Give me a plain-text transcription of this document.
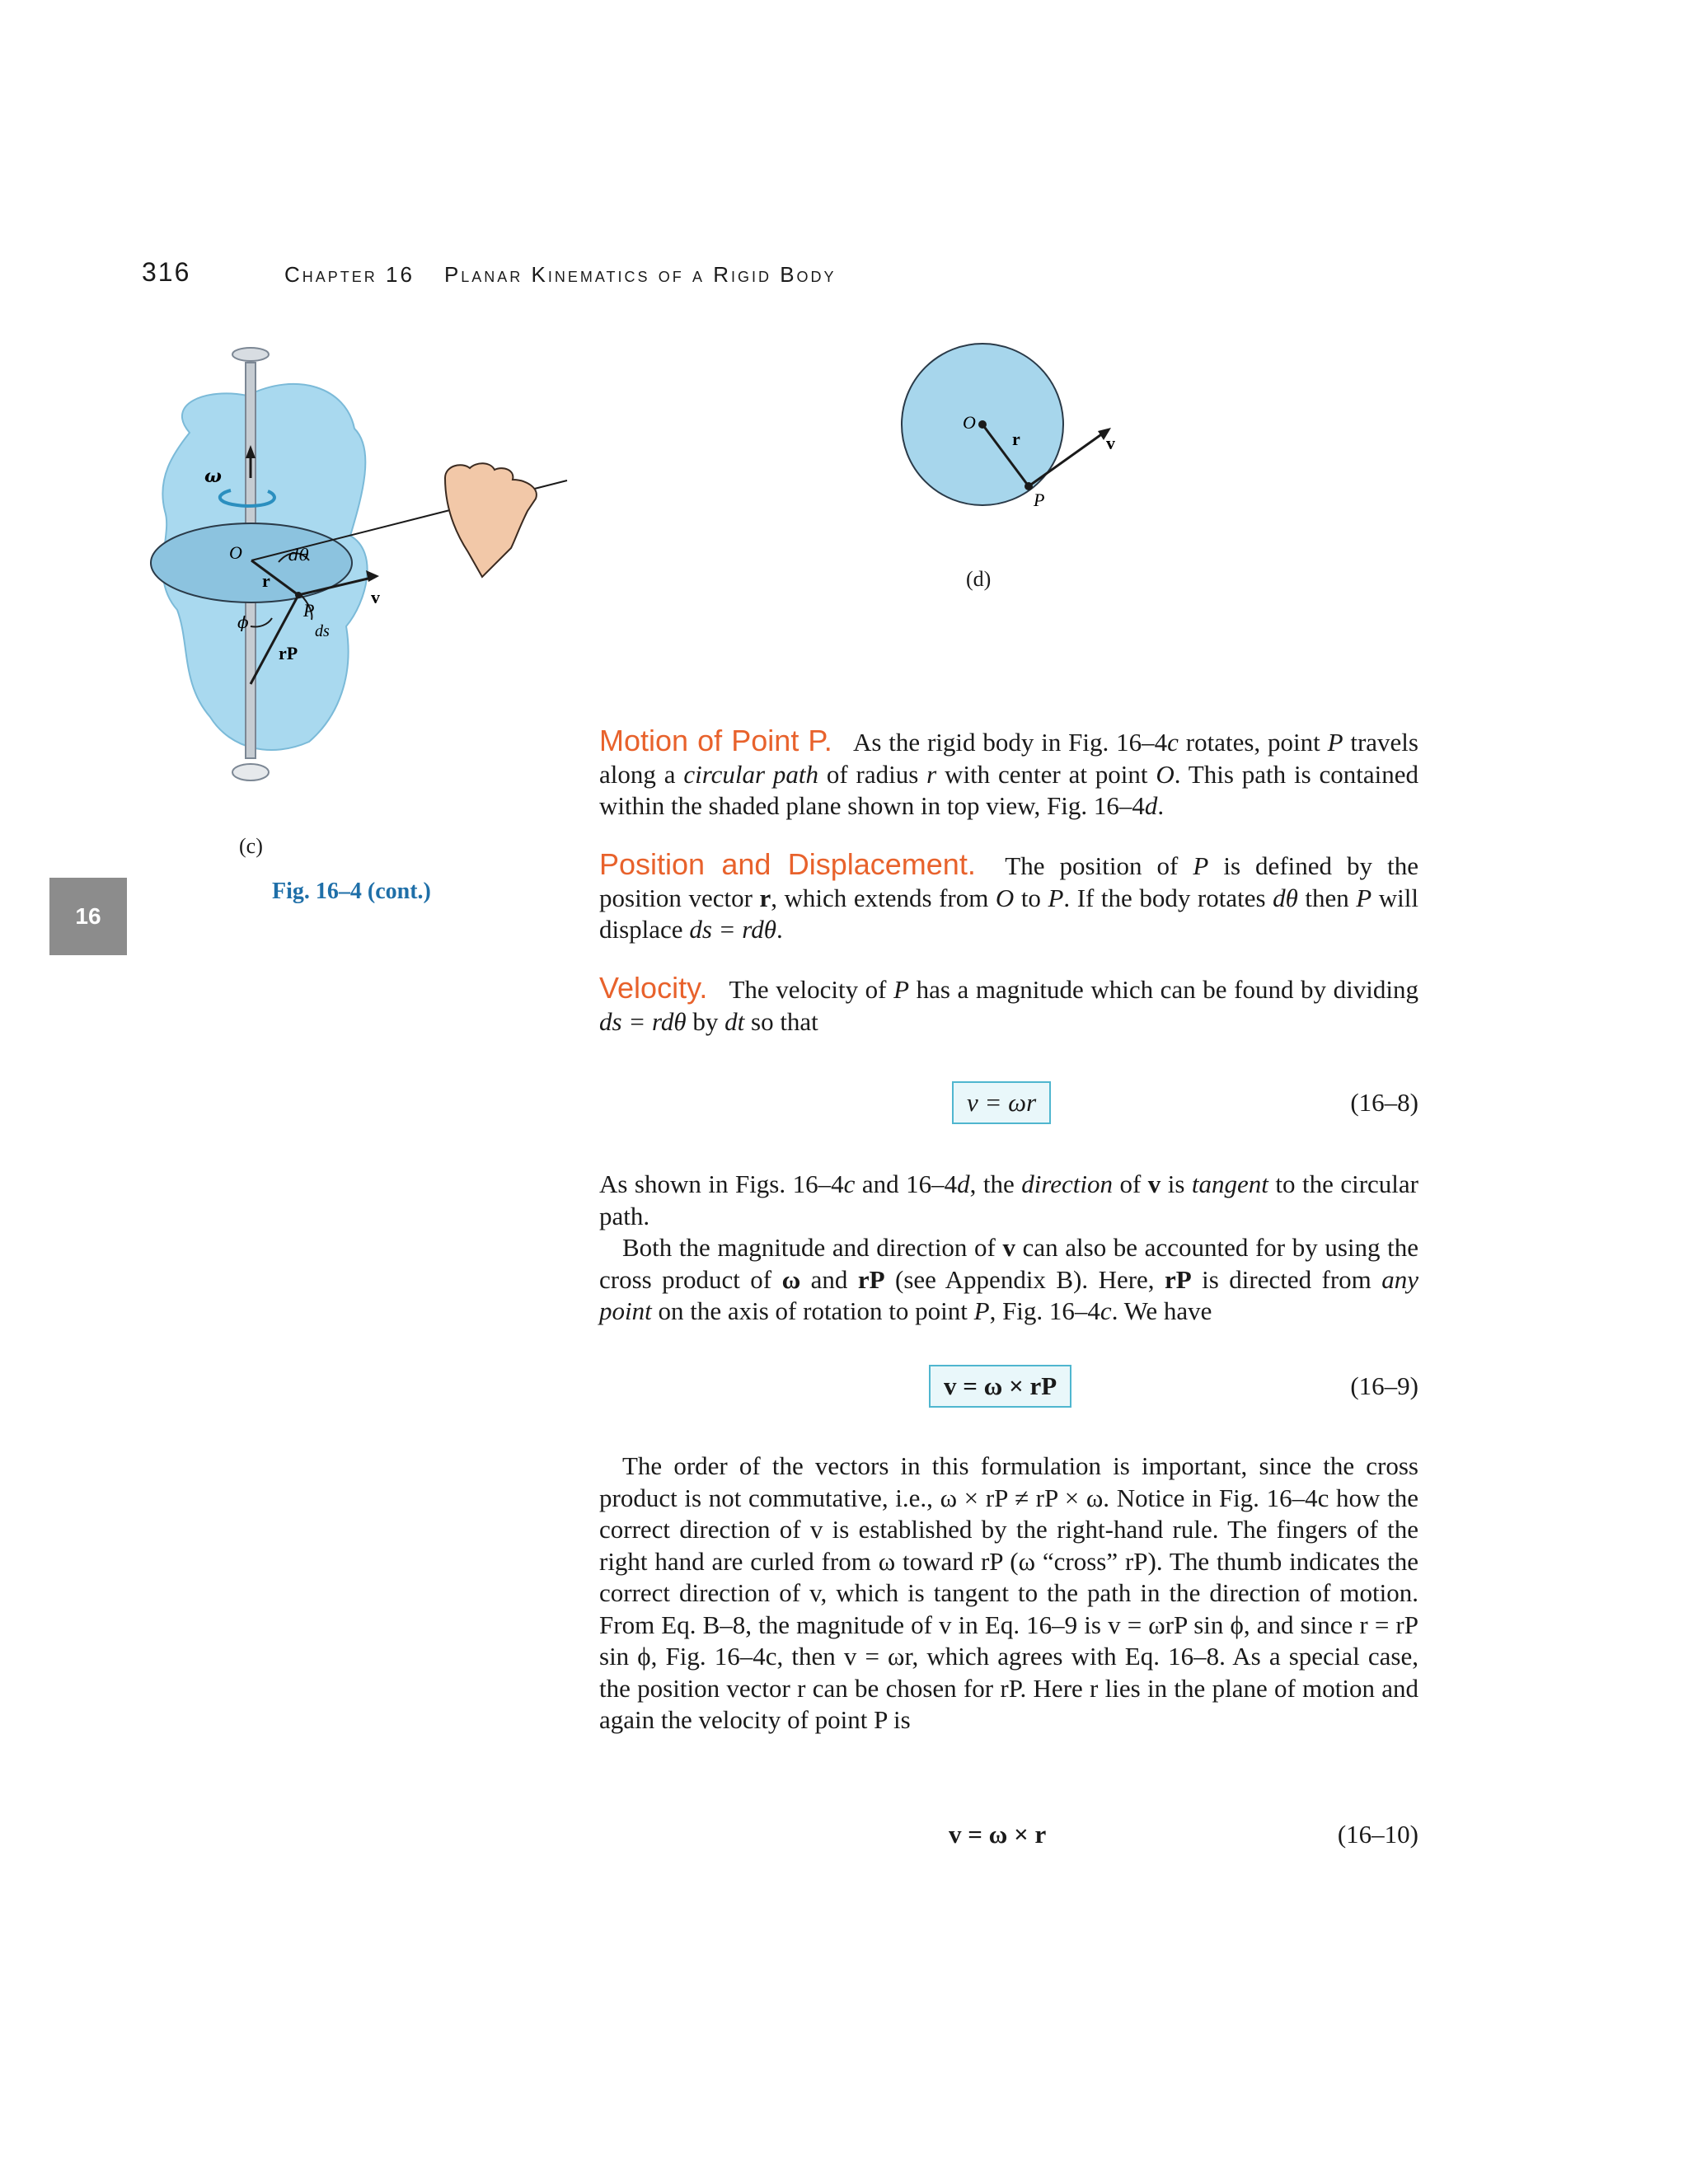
316	Chapter 16 Planar Kinematics of a Rigid Body
16
ω
O	dθ
r
v
ϕ
P
ds
rP
(c)
Fig. 16–4 (cont.)
O
r	v
P
(d)

Motion of Point P. As the rigid body in Fig. 16–4c rotates, point P travels along a circular path of radius r with center at point O. This path is contained within the shaded plane shown in top view, Fig. 16–4d.

Position and Displacement. The position of P is defined by the position vector r, which extends from O to P. If the body rotates dθ then P will displace ds = rdθ.

Velocity. The velocity of P has a magnitude which can be found by dividing ds = rdθ by dt so that

v = ωr	(16–8)

As shown in Figs. 16–4c and 16–4d, the direction of v is tangent to the circular path.

Both the magnitude and direction of v can also be accounted for by using the cross product of ω and rP (see Appendix B). Here, rP is directed from any point on the axis of rotation to point P, Fig. 16–4c. We have

v = ω × rP	(16–9)

The order of the vectors in this formulation is important, since the cross product is not commutative, i.e., ω × rP ≠ rP × ω. Notice in Fig. 16–4c how the correct direction of v is established by the right-hand rule. The fingers of the right hand are curled from ω toward rP (ω “cross” rP). The thumb indicates the correct direction of v, which is tangent to the path in the direction of motion. From Eq. B–8, the magnitude of v in Eq. 16–9 is v = ωrP sin ϕ, and since r = rP sin ϕ, Fig. 16–4c, then v = ωr, which agrees with Eq. 16–8. As a special case, the position vector r can be chosen for rP. Here r lies in the plane of motion and again the velocity of point P is

v = ω × r	(16–10)
